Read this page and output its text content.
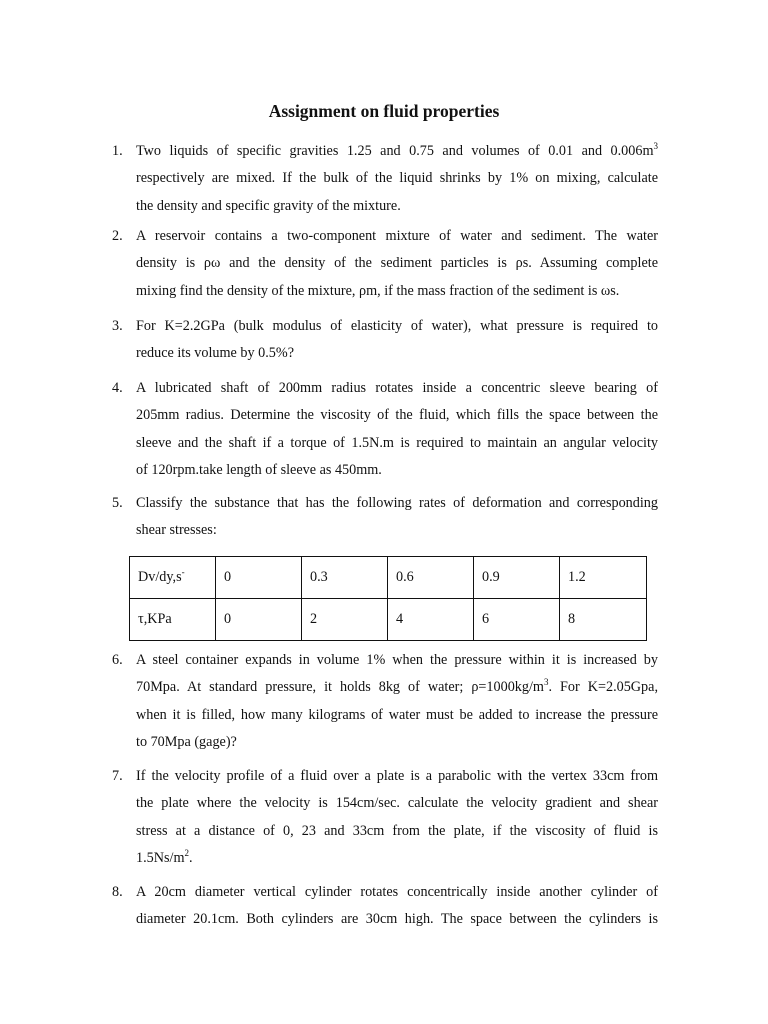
Assignment on fluid properties
1. Two liquids of specific gravities 1.25 and 0.75 and volumes of 0.01 and $0.006m^3$
respectively are mixed. If the bulk of the liquid shrinks by 1% on mixing, calculate
the density and specific gravity of the mixture.
2. A reservoir contains a two-component mixture of water and sediment. The water
density is ρω and the density of the sediment particles is ρs. Assuming complete
mixing find the density of the mixture, ρm, if the mass fraction of the sediment is ωs.
3. For K=2.2GPa (bulk modulus of elasticity of water), what pressure is required to
reduce its volume by 0.5%?
4. A lubricated shaft of 200mm radius rotates inside a concentric sleeve bearing of
205mm radius. Determine the viscosity of the fluid, which fills the space between the
sleeve and the shaft if a torque of 1.5N.m is required to maintain an angular velocity
of 120rpm.take length of sleeve as 450mm.
5. Classify the substance that has the following rates of deformation and corresponding
shear stresses:
Dv/dy,s-	0	0.3	0.6	0.9	1.2
τ,KPa	0	2	4	6	8
6. A steel container expands in volume 1% when the pressure within it is increased by
70Mpa. At standard pressure, it holds 8kg of water; $\rho=1000kg/m^3$. For K=2.05Gpa,
when it is filled, how many kilograms of water must be added to increase the pressure
to 70Mpa (gage)?
7. If the velocity profile of a fluid over a plate is a parabolic with the vertex 33cm from
the plate where the velocity is 154cm/sec. calculate the velocity gradient and shear
stress at a distance of 0, 23 and 33cm from the plate, if the viscosity of fluid is
$1.5Ns/m^2$.
8. A 20cm diameter vertical cylinder rotates concentrically inside another cylinder of
diameter 20.1cm. Both cylinders are 30cm high. The space between the cylinders is
